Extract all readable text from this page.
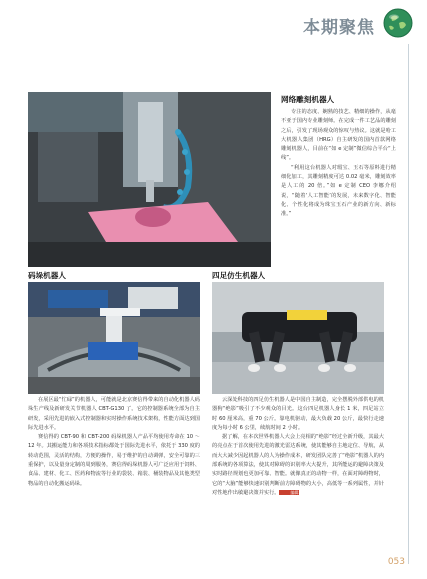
本期聚焦
网络雕刻机器人

专注的态度、娴熟的技艺、精细的操作，从毫不亚于国内专业雕刻师。在完成一件工艺品的雕刻之后，引发了现场观众的惊叹与热议。这就是哈工大机器人集团（HRG）自主研发的国内首款网络雕刻机器人，目前在“如 e 定制”微信综合平台“上线”。

“利用这台机器人对瑕宝、玉石等原料进行精细化加工，其雕刻精度可达 0.02 毫米，雕刻效率是人工的 20 倍。”如 e 定制 CEO 李娜介绍说，“随着‘人工智能’的发展，未来数字化、智能化、个性化将成为珠宝玉石产业的新方向、新标准。”

码垛机器人	四足仿生机器人

在展区最“忙碌”的机器人，可能就是北京赛信得带来的自动化机器人码垛生产线及新研发关节机器人 CBT-G130 了。它的控制器系统全部为自主研发，采用先进的嵌入式控制器和实时操作系统技术架构，性能方面达到国际先进水平。

赛信得的 CBT-90 和 CBT-200 码垛机器人产品平均使用寿命在 10 ～ 12 年。其搬运能力和各项技术指标都处于国际先进水平，依托于 330 度的转动范围，灵活的结构，方便的操作，易于维护的自动调弹，安全可靠的三重保护，以及量身定制的周到服务，赛信得码垛机器人可广泛应用于饲料、食品、建材、化工、医药和物流等行业的袋装、箱装、桶装物品及其他类型物品的自动化搬运码垛。

云深处科技的四足仿生机器人是中国自主制造，完全摆脱外部供电的机器狗“绝影”吸引了不少观众的目光。这台四足机器人身长 1 米，四足站立时 60 厘米高，重 70 公斤。靠电机驱动，最大负载 20 公斤，最快行走速度为每小时 6 公里，续航时间 2 小时。

据了解，在本次世界机器人大会上亮相的“绝影”经过全新升级，其最大的亮点在于首次使用先进的激光雷达系统，使其能够自主地定位、导航，从而大大减少因起机器人的人为操作成本，研发团队完善了“绝影”机器人的内部系统的各项算法，使其对障碍的识别率大大提升，其所能运的避障决策及实时路径规划也更加可靠、智能。就像真正的动物一样，在面对障碍物时，它的“大脑”能够快速识别判断前方障碍物的大小，高低等一系列属性，并针对性地作出敏避决策并实行。	编辑

053
